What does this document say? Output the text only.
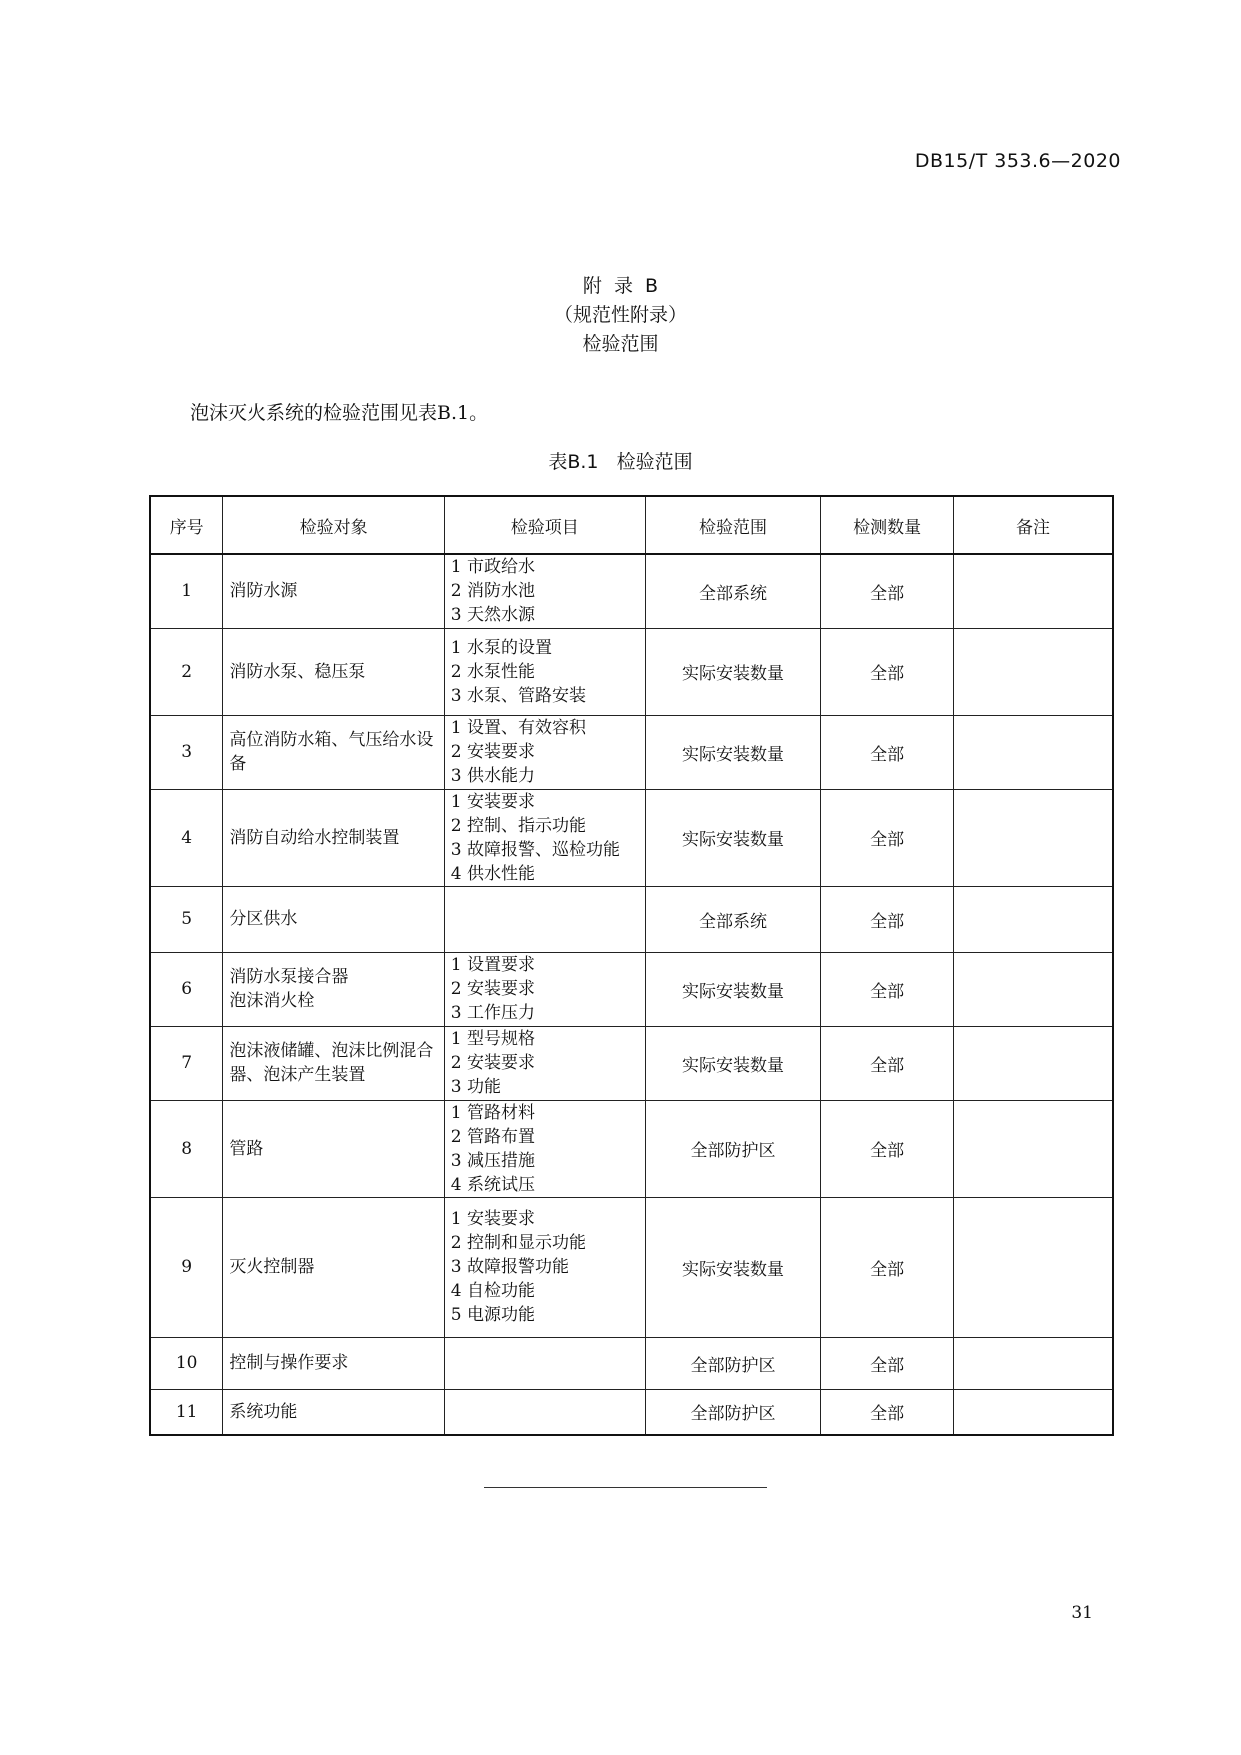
DB15/T 353.6—2020
附  录  B
（规范性附录）
检验范围
泡沫灭火系统的检验范围见表B.1。
表B.1   检验范围
序号	检验对象	检验项目	检验范围	检测数量	备注
1	消防水源	1 市政给水
2 消防水池
3 天然水源	全部系统	全部	
2	消防水泵、稳压泵	1 水泵的设置
2 水泵性能
3 水泵、管路安装	实际安装数量	全部	
3	高位消防水箱、气压给水设备	1 设置、有效容积
2 安装要求
3 供水能力	实际安装数量	全部	
4	消防自动给水控制装置	1 安装要求
2 控制、指示功能
3 故障报警、巡检功能
4 供水性能	实际安装数量	全部	
5	分区供水		全部系统	全部	
6	消防水泵接合器
泡沫消火栓	1 设置要求
2 安装要求
3 工作压力	实际安装数量	全部	
7	泡沫液储罐、泡沫比例混合器、泡沫产生装置	1 型号规格
2 安装要求
3 功能	实际安装数量	全部	
8	管路	1 管路材料
2 管路布置
3 减压措施
4 系统试压	全部防护区	全部	
9	灭火控制器	1 安装要求
2 控制和显示功能
3 故障报警功能
4 自检功能
5 电源功能	实际安装数量	全部	
10	控制与操作要求		全部防护区	全部	
11	系统功能		全部防护区	全部	
31
